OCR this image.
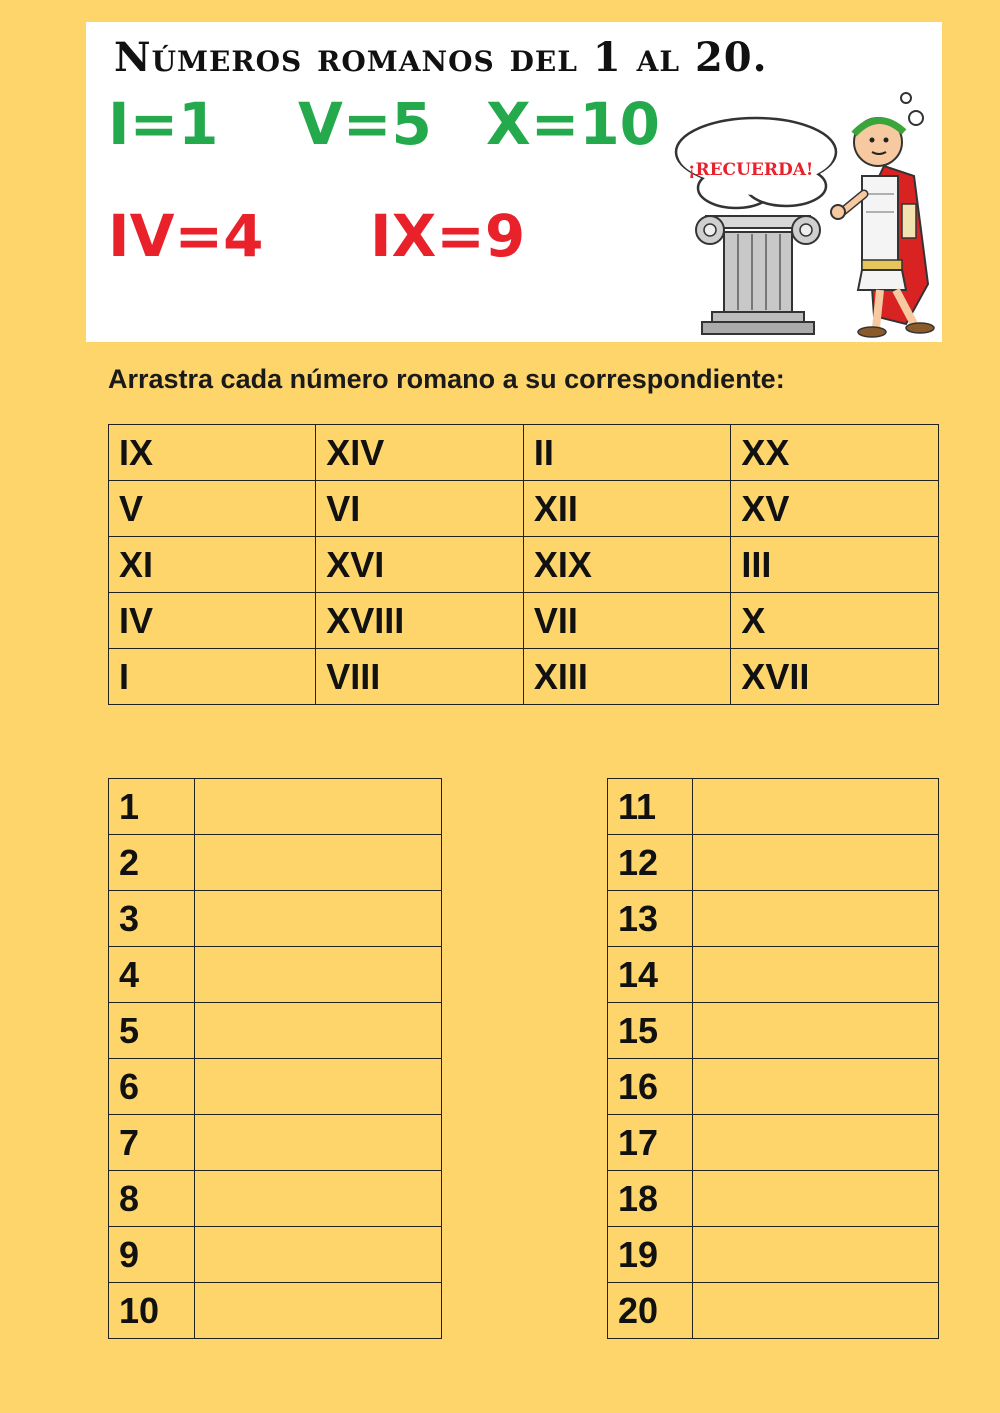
Números romanos del 1 al 20.
I=1 V=5 X=10
IV=4 IX=9
¡RECUERDA!
Arrastra cada número romano a su correspondiente:
IX	XIV	II	XX
V	VI	XII	XV
XI	XVI	XIX	III
IV	XVIII	VII	X
I	VIII	XIII	XVII
1	
2	
3	
4	
5	
6	
7	
8	
9	
10	
11	
12	
13	
14	
15	
16	
17	
18	
19	
20	
